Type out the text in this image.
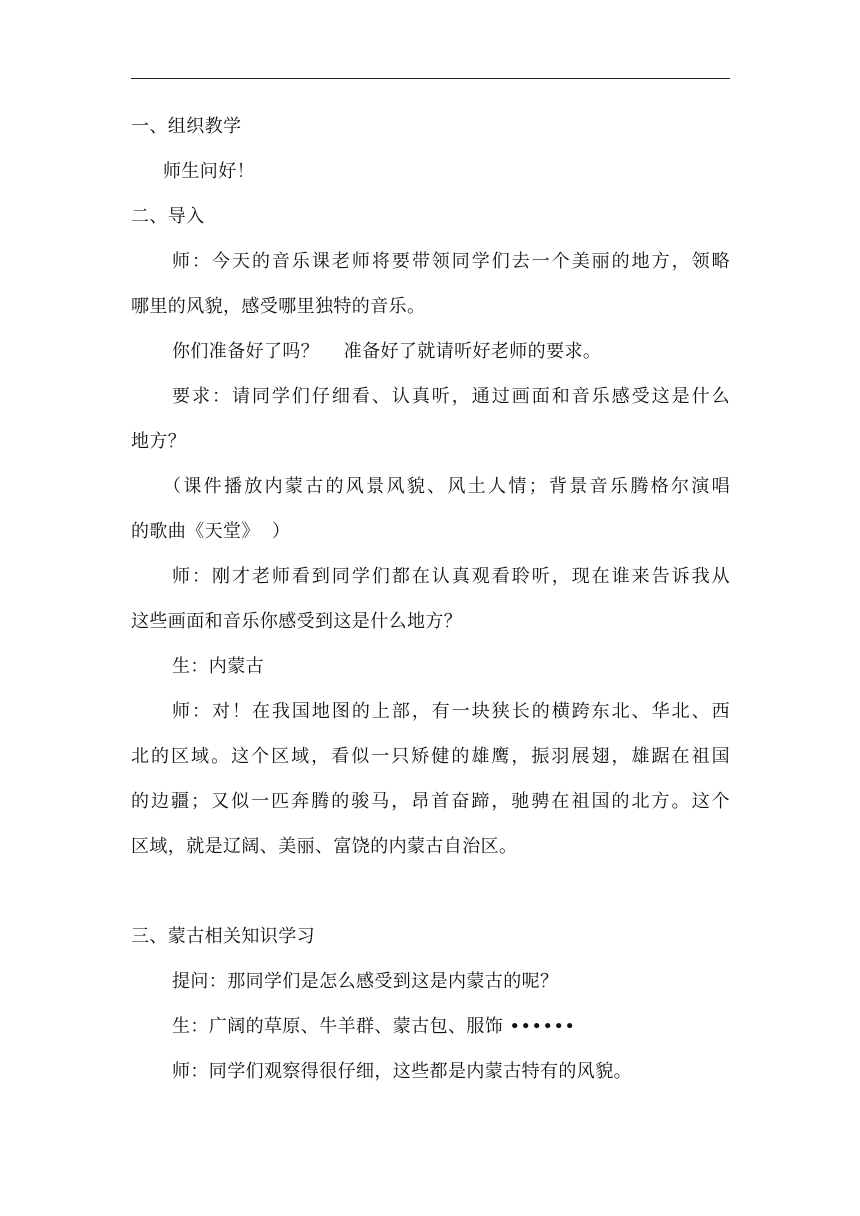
一、组织教学
师生问好！
二、导入
师：今天的音乐课老师将要带领同学们去一个美丽的地方，领略
哪里的风貌，感受哪里独特的音乐。
你们准备好了吗？    准备好了就请听好老师的要求。
要求：请同学们仔细看、认真听，通过画面和音乐感受这是什么
地方？
（课件播放内蒙古的风景风貌、风土人情；背景音乐腾格尔演唱
的歌曲《天堂》  ）
师：刚才老师看到同学们都在认真观看聆听，现在谁来告诉我从
这些画面和音乐你感受到这是什么地方？
生：内蒙古
师：对！在我国地图的上部，有一块狭长的横跨东北、华北、西
北的区域。这个区域，看似一只矫健的雄鹰，振羽展翅，雄踞在祖国
的边疆；又似一匹奔腾的骏马，昂首奋蹄，驰骋在祖国的北方。这个
区域，就是辽阔、美丽、富饶的内蒙古自治区。
三、蒙古相关知识学习
提问：那同学们是怎么感受到这是内蒙古的呢？
生：广阔的草原、牛羊群、蒙古包、服饰 ••••••
师：同学们观察得很仔细，这些都是内蒙古特有的风貌。
